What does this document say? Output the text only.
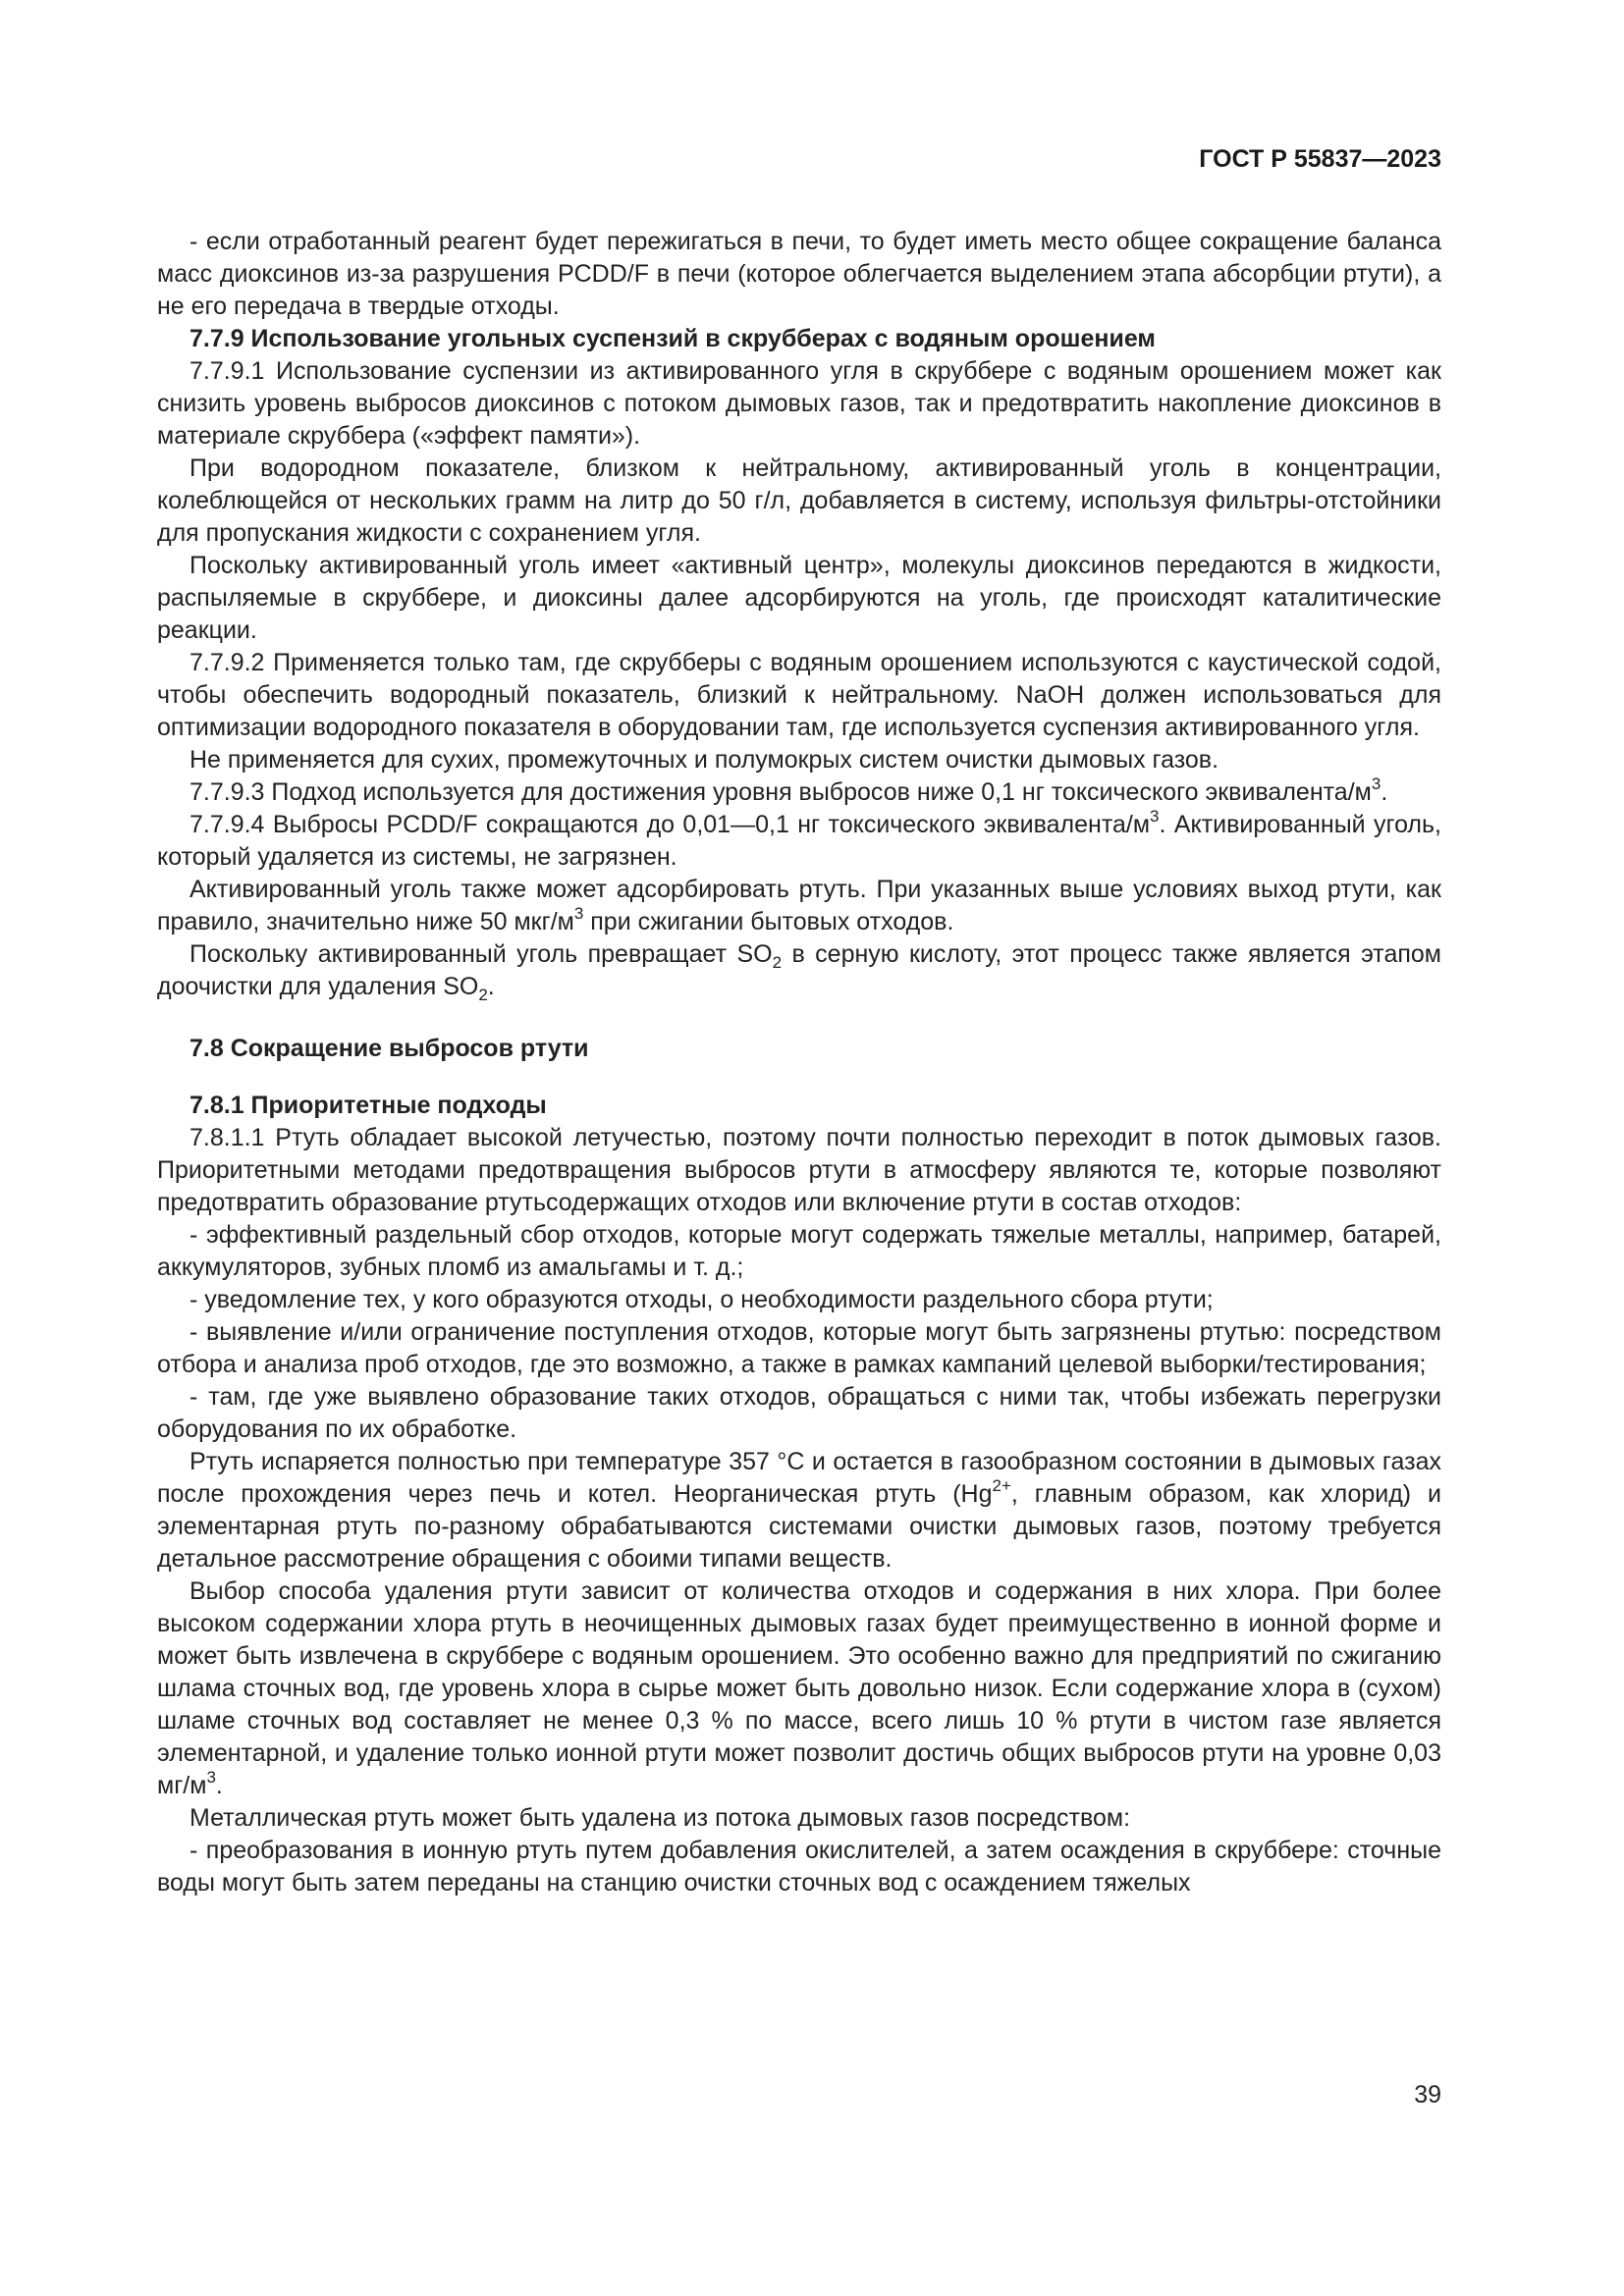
ГОСТ Р 55837—2023

- если отработанный реагент будет пережигаться в печи, то будет иметь место общее сокращение баланса масс диоксинов из-за разрушения PCDD/F в печи (которое облегчается выделением этапа абсорбции ртути), а не его передача в твердые отходы.

7.7.9 Использование угольных суспензий в скрубберах с водяным орошением

7.7.9.1 Использование суспензии из активированного угля в скруббере с водяным орошением может как снизить уровень выбросов диоксинов с потоком дымовых газов, так и предотвратить накопление диоксинов в материале скруббера («эффект памяти»).

При водородном показателе, близком к нейтральному, активированный уголь в концентрации, колеблющейся от нескольких грамм на литр до 50 г/л, добавляется в систему, используя фильтры-отстойники для пропускания жидкости с сохранением угля.

Поскольку активированный уголь имеет «активный центр», молекулы диоксинов передаются в жидкости, распыляемые в скруббере, и диоксины далее адсорбируются на уголь, где происходят каталитические реакции.

7.7.9.2 Применяется только там, где скрубберы с водяным орошением используются с каустической содой, чтобы обеспечить водородный показатель, близкий к нейтральному. NaOH должен использоваться для оптимизации водородного показателя в оборудовании там, где используется суспензия активированного угля.

Не применяется для сухих, промежуточных и полумокрых систем очистки дымовых газов.

7.7.9.3 Подход используется для достижения уровня выбросов ниже 0,1 нг токсического эквивалента/$м^3$.

7.7.9.4 Выбросы PCDD/F сокращаются до 0,01—0,1 нг токсического эквивалента/$м^3$. Активированный уголь, который удаляется из системы, не загрязнен.

Активированный уголь также может адсорбировать ртуть. При указанных выше условиях выход ртути, как правило, значительно ниже 50 мкг/$м^3$ при сжигании бытовых отходов.

Поскольку активированный уголь превращает $SO_2$ в серную кислоту, этот процесс также является этапом доочистки для удаления $SO_2$.

7.8 Сокращение выбросов ртути

7.8.1 Приоритетные подходы

7.8.1.1 Ртуть обладает высокой летучестью, поэтому почти полностью переходит в поток дымовых газов. Приоритетными методами предотвращения выбросов ртути в атмосферу являются те, которые позволяют предотвратить образование ртутьсодержащих отходов или включение ртути в состав отходов:

- эффективный раздельный сбор отходов, которые могут содержать тяжелые металлы, например, батарей, аккумуляторов, зубных пломб из амальгамы и т. д.;

- уведомление тех, у кого образуются отходы, о необходимости раздельного сбора ртути;

- выявление и/или ограничение поступления отходов, которые могут быть загрязнены ртутью: посредством отбора и анализа проб отходов, где это возможно, а также в рамках кампаний целевой выборки/тестирования;

- там, где уже выявлено образование таких отходов, обращаться с ними так, чтобы избежать перегрузки оборудования по их обработке.

Ртуть испаряется полностью при температуре 357 °C и остается в газообразном состоянии в дымовых газах после прохождения через печь и котел. Неорганическая ртуть ($Hg^{2+}$, главным образом, как хлорид) и элементарная ртуть по-разному обрабатываются системами очистки дымовых газов, поэтому требуется детальное рассмотрение обращения с обоими типами веществ.

Выбор способа удаления ртути зависит от количества отходов и содержания в них хлора. При более высоком содержании хлора ртуть в неочищенных дымовых газах будет преимущественно в ионной форме и может быть извлечена в скруббере с водяным орошением. Это особенно важно для предприятий по сжиганию шлама сточных вод, где уровень хлора в сырье может быть довольно низок. Если содержание хлора в (сухом) шламе сточных вод составляет не менее 0,3 % по массе, всего лишь 10 % ртути в чистом газе является элементарной, и удаление только ионной ртути может позволит достичь общих выбросов ртути на уровне 0,03 $мг/м^3$.

Металлическая ртуть может быть удалена из потока дымовых газов посредством:

- преобразования в ионную ртуть путем добавления окислителей, а затем осаждения в скруббере: сточные воды могут быть затем переданы на станцию очистки сточных вод с осаждением тяжелых

39
